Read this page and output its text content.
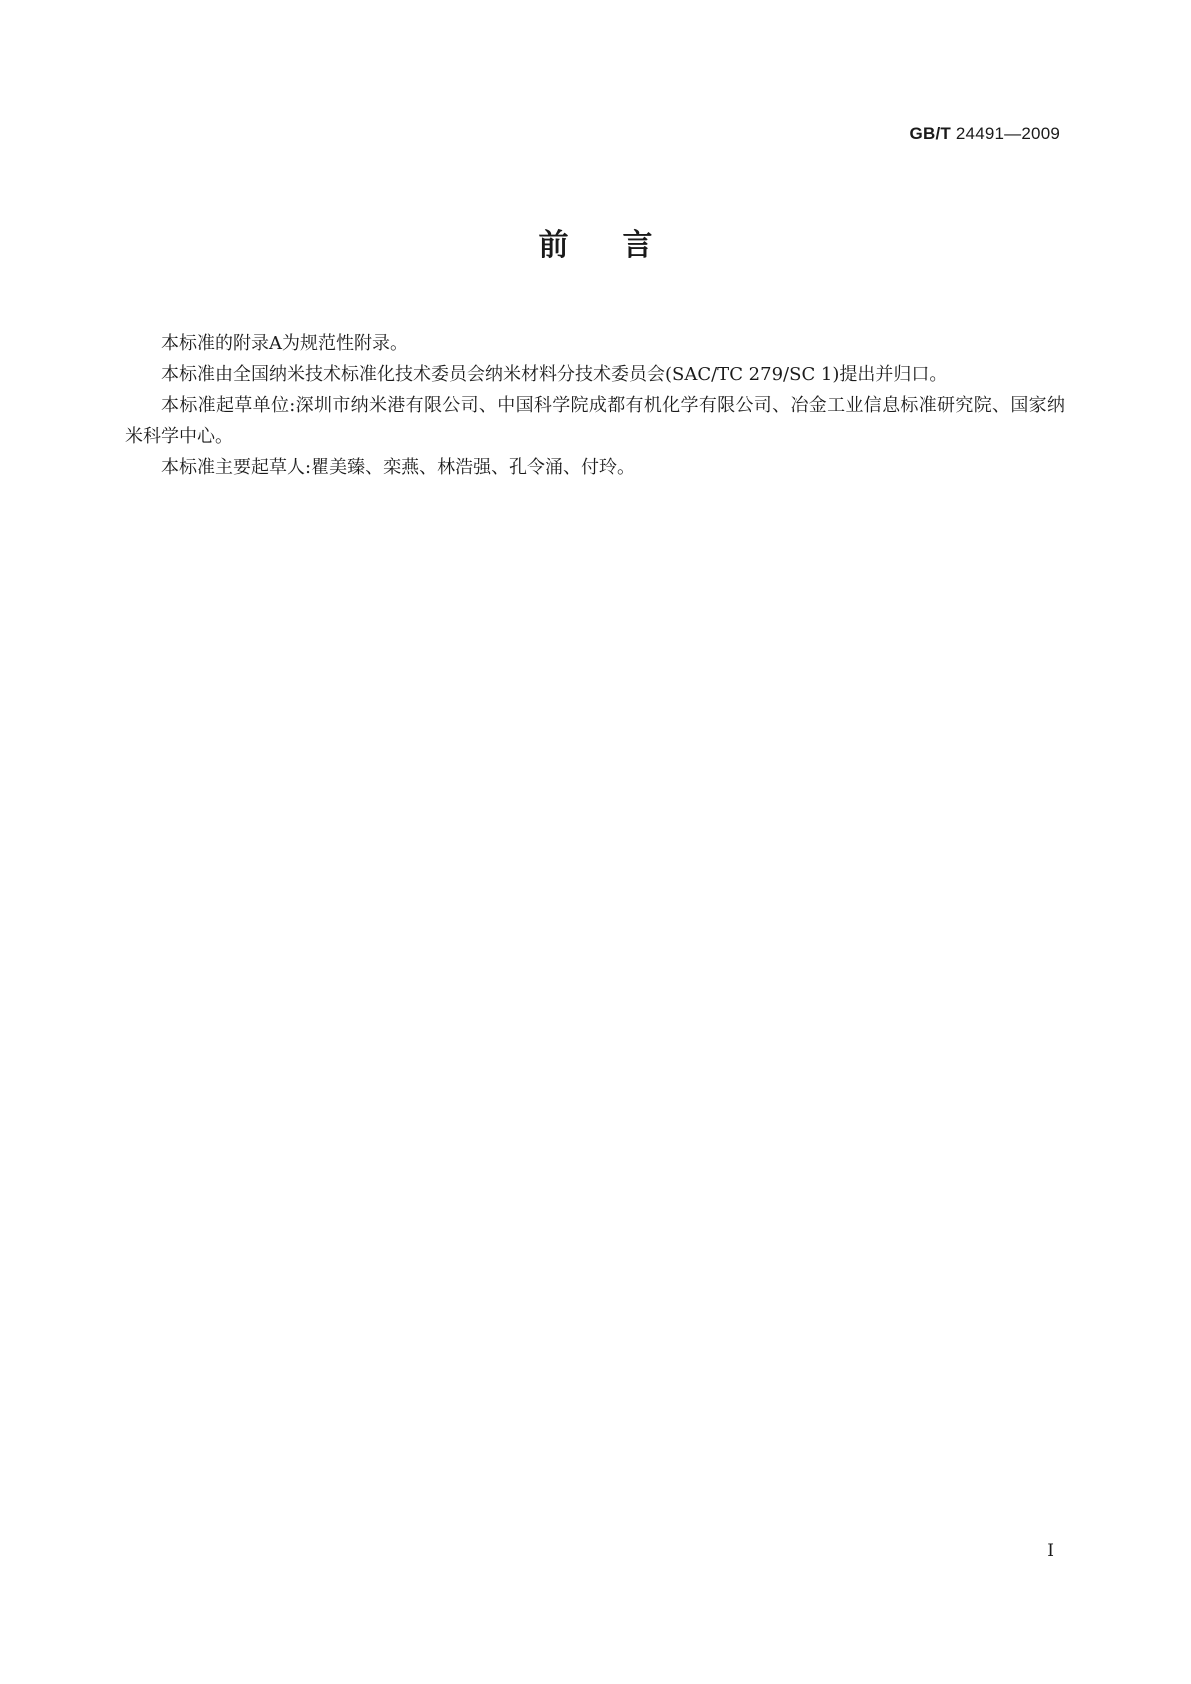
GB/T 24491—2009
前言

本标准的附录A为规范性附录。

本标准由全国纳米技术标准化技术委员会纳米材料分技术委员会(SAC/TC 279/SC 1)提出并归口。

本标准起草单位:深圳市纳米港有限公司、中国科学院成都有机化学有限公司、冶金工业信息标准研究院、国家纳米科学中心。

本标准主要起草人:瞿美臻、栾燕、林浩强、孔令涌、付玲。

I
